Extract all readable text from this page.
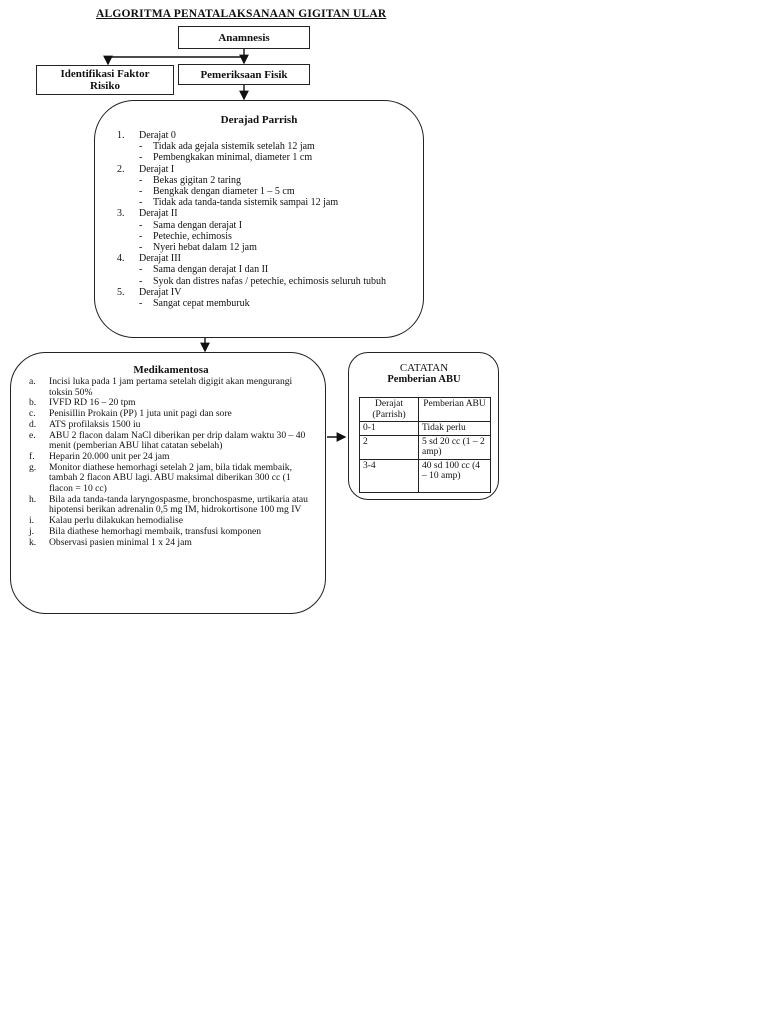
ALGORITMA PENATALAKSANAAN GIGITAN ULAR
Anamnesis
Identifikasi Faktor Risiko
Pemeriksaan Fisik
Derajad Parrish
1. Derajat 0
-	Tidak ada gejala sistemik setelah 12 jam
-	Pembengkakan minimal, diameter 1 cm
2. Derajat I
-	Bekas gigitan 2 taring
-	Bengkak dengan diameter 1 – 5 cm
-	Tidak ada tanda-tanda sistemik sampai 12 jam
3. Derajat II
-	Sama dengan derajat I
-	Petechie, echimosis
-	Nyeri hebat dalam 12 jam
4. Derajat III
-	Sama dengan derajat I dan II
-	Syok dan distres nafas / petechie, echimosis seluruh tubuh
5. Derajat IV
-	Sangat cepat memburuk
Medikamentosa
a.	Incisi luka pada 1 jam pertama setelah digigit akan mengurangi toksin 50%
b.	IVFD RD 16 – 20 tpm
c.	Penisillin Prokain (PP) 1 juta unit pagi dan sore
d.	ATS profilaksis 1500 iu
e.	ABU 2 flacon dalam NaCl diberikan per drip dalam waktu 30 – 40 menit (pemberian ABU lihat catatan sebelah)
f.	Heparin 20.000 unit per 24 jam
g.	Monitor diathese hemorhagi setelah 2 jam, bila tidak membaik, tambah 2 flacon ABU lagi. ABU maksimal diberikan 300 cc (1 flacon = 10 cc)
h.	Bila ada tanda-tanda laryngospasme, bronchospasme, urtikaria atau hipotensi berikan adrenalin 0,5 mg IM, hidrokortisone 100 mg IV
i.	Kalau perlu dilakukan hemodialise
j.	Bila diathese hemorhagi membaik, transfusi komponen
k.	Observasi pasien minimal 1 x 24 jam
CATATAN
Pemberian ABU
Derajat (Parrish)	Pemberian ABU
0-1	Tidak perlu
2	5 sd 20 cc (1 – 2 amp)
3-4	40 sd 100 cc (4 – 10 amp)
